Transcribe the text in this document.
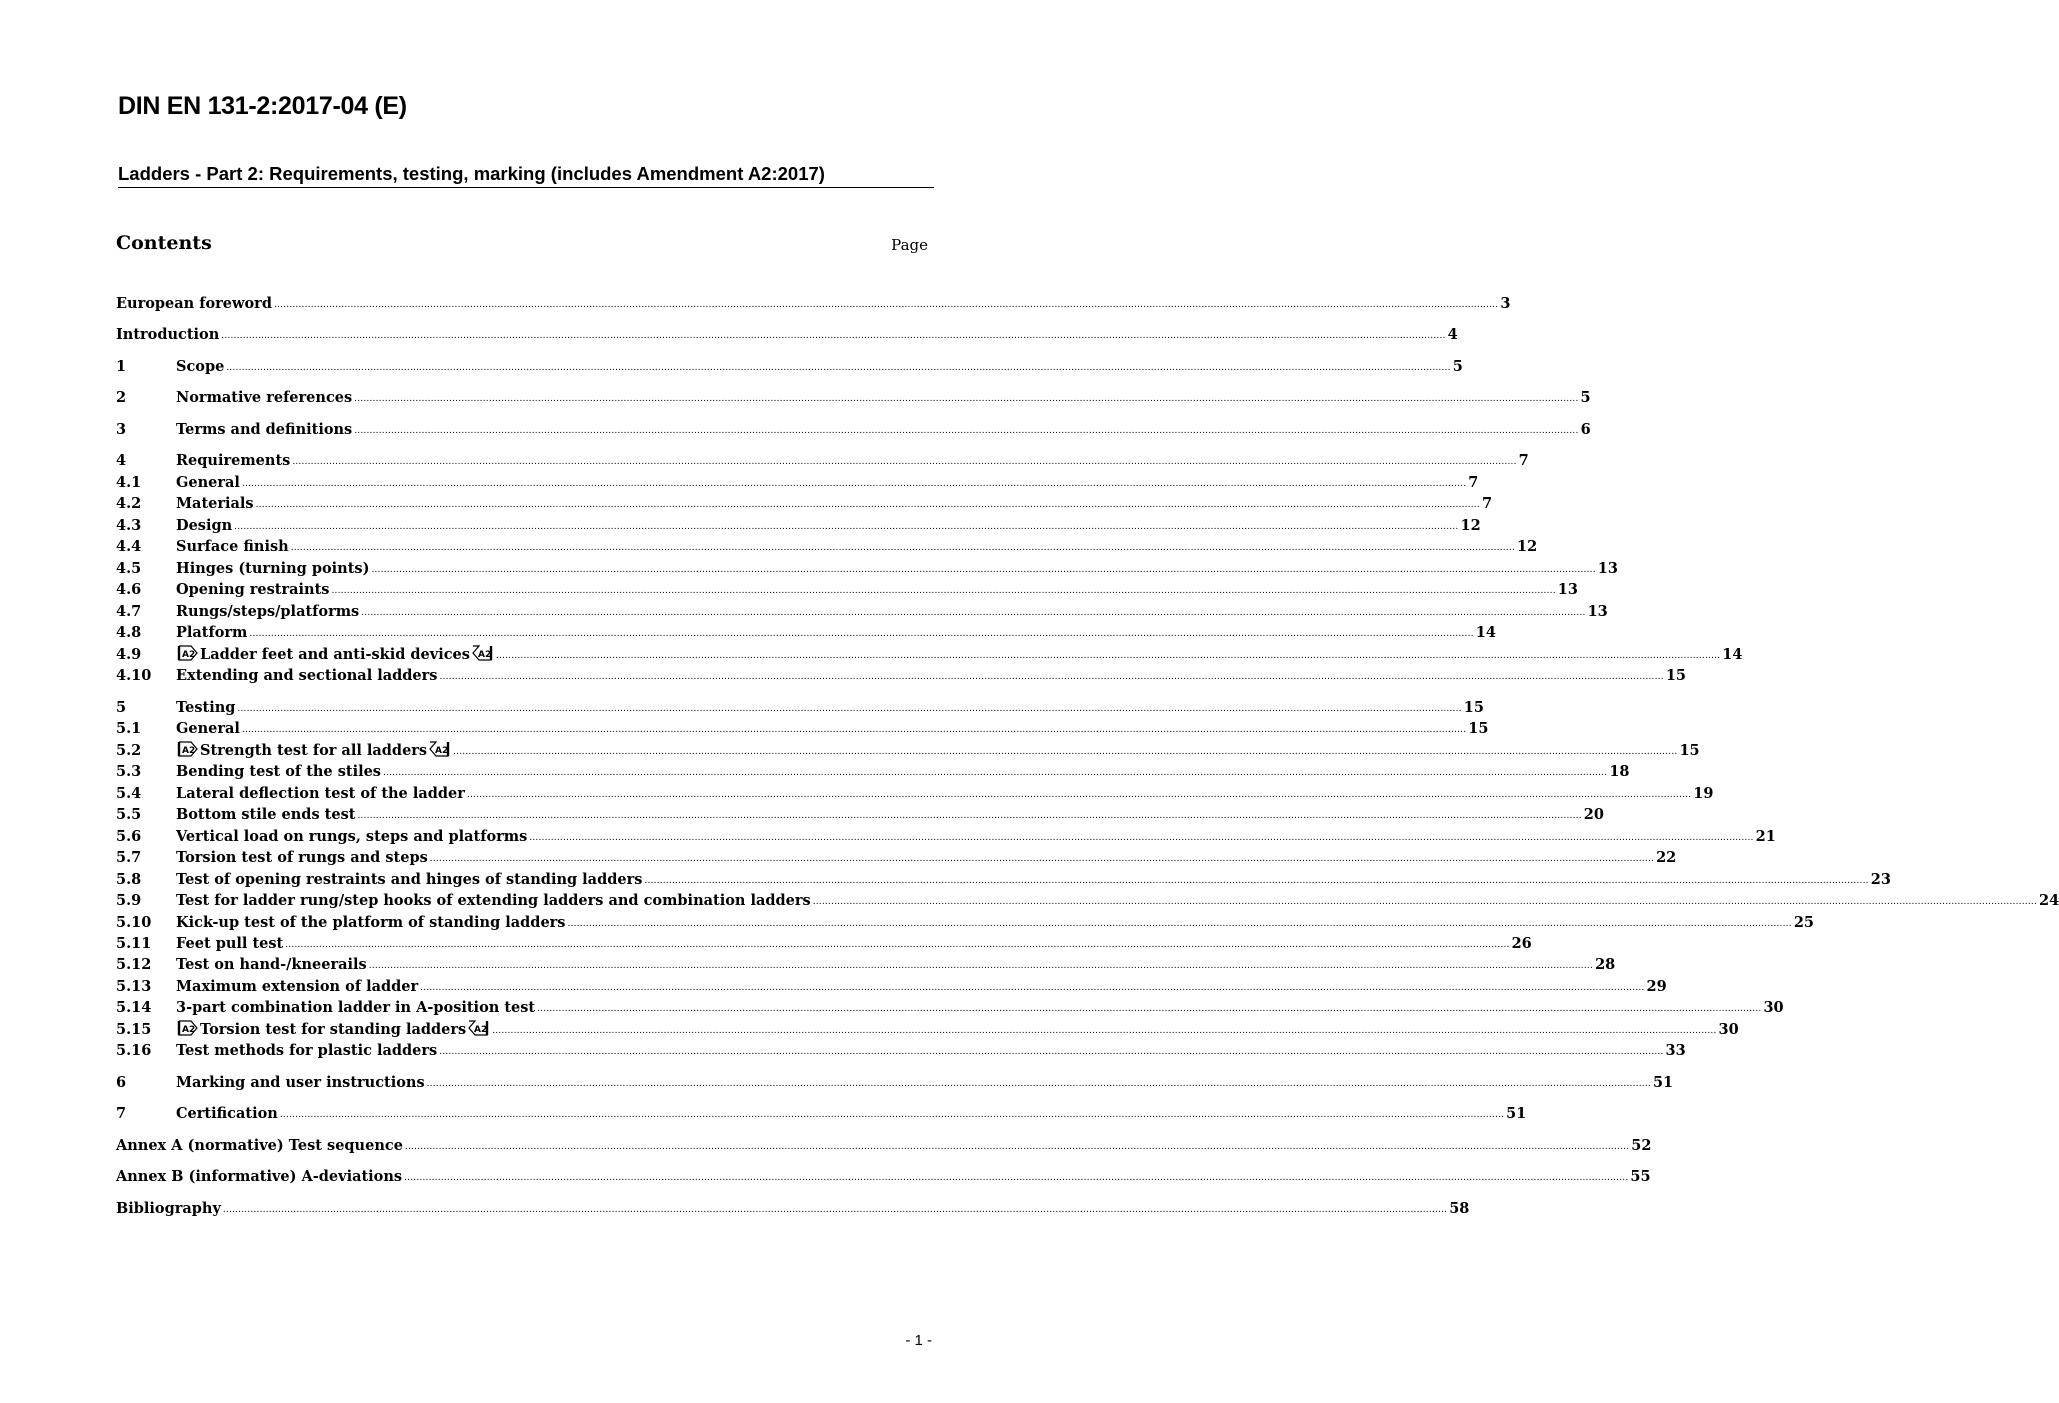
DIN EN 131-2:2017-04 (E)
Ladders - Part 2: Requirements, testing, marking (includes Amendment A2:2017)
Contents	Page
European foreword ................................................................................................................................................................................................................................................................................................................................................................................................................ 3
Introduction ................................................................................................................................................................................................................................................................................................................................................................................................................ 4
1	Scope ................................................................................................................................................................................................................................................................................................................................................................................................................ 5
2	Normative references ................................................................................................................................................................................................................................................................................................................................................................................................................ 5
3	Terms and definitions ................................................................................................................................................................................................................................................................................................................................................................................................................ 6
4	Requirements ................................................................................................................................................................................................................................................................................................................................................................................................................ 7
4.1	General ................................................................................................................................................................................................................................................................................................................................................................................................................ 7
4.2	Materials ................................................................................................................................................................................................................................................................................................................................................................................................................ 7
4.3	Design ................................................................................................................................................................................................................................................................................................................................................................................................................ 12
4.4	Surface finish ................................................................................................................................................................................................................................................................................................................................................................................................................ 12
4.5	Hinges (turning points) ................................................................................................................................................................................................................................................................................................................................................................................................................ 13
4.6	Opening restraints ................................................................................................................................................................................................................................................................................................................................................................................................................ 13
4.7	Rungs/steps/platforms ................................................................................................................................................................................................................................................................................................................................................................................................................ 13
4.8	Platform ................................................................................................................................................................................................................................................................................................................................................................................................................ 14
4.9	A2 Ladder feet and anti-skid devices A2 ................................................................................................................................................................................................................................................................................................................................................................................................................ 14
4.10	Extending and sectional ladders ................................................................................................................................................................................................................................................................................................................................................................................................................ 15
5	Testing ................................................................................................................................................................................................................................................................................................................................................................................................................ 15
5.1	General ................................................................................................................................................................................................................................................................................................................................................................................................................ 15
5.2	A2 Strength test for all ladders A2 ................................................................................................................................................................................................................................................................................................................................................................................................................ 15
5.3	Bending test of the stiles ................................................................................................................................................................................................................................................................................................................................................................................................................ 18
5.4	Lateral deflection test of the ladder ................................................................................................................................................................................................................................................................................................................................................................................................................ 19
5.5	Bottom stile ends test ................................................................................................................................................................................................................................................................................................................................................................................................................ 20
5.6	Vertical load on rungs, steps and platforms ................................................................................................................................................................................................................................................................................................................................................................................................................ 21
5.7	Torsion test of rungs and steps ................................................................................................................................................................................................................................................................................................................................................................................................................ 22
5.8	Test of opening restraints and hinges of standing ladders ................................................................................................................................................................................................................................................................................................................................................................................................................ 23
5.9	Test for ladder rung/step hooks of extending ladders and combination ladders ................................................................................................................................................................................................................................................................................................................................................................................................................ 24
5.10	Kick-up test of the platform of standing ladders ................................................................................................................................................................................................................................................................................................................................................................................................................ 25
5.11	Feet pull test ................................................................................................................................................................................................................................................................................................................................................................................................................ 26
5.12	Test on hand-/kneerails ................................................................................................................................................................................................................................................................................................................................................................................................................ 28
5.13	Maximum extension of ladder ................................................................................................................................................................................................................................................................................................................................................................................................................ 29
5.14	3-part combination ladder in A-position test ................................................................................................................................................................................................................................................................................................................................................................................................................ 30
5.15	A2 Torsion test for standing ladders A2 ................................................................................................................................................................................................................................................................................................................................................................................................................ 30
5.16	Test methods for plastic ladders ................................................................................................................................................................................................................................................................................................................................................................................................................ 33
6	Marking and user instructions ................................................................................................................................................................................................................................................................................................................................................................................................................ 51
7	Certification ................................................................................................................................................................................................................................................................................................................................................................................................................ 51
Annex A (normative) Test sequence ................................................................................................................................................................................................................................................................................................................................................................................................................ 52
Annex B (informative) A-deviations ................................................................................................................................................................................................................................................................................................................................................................................................................ 55
Bibliography ................................................................................................................................................................................................................................................................................................................................................................................................................ 58
- 1 -
